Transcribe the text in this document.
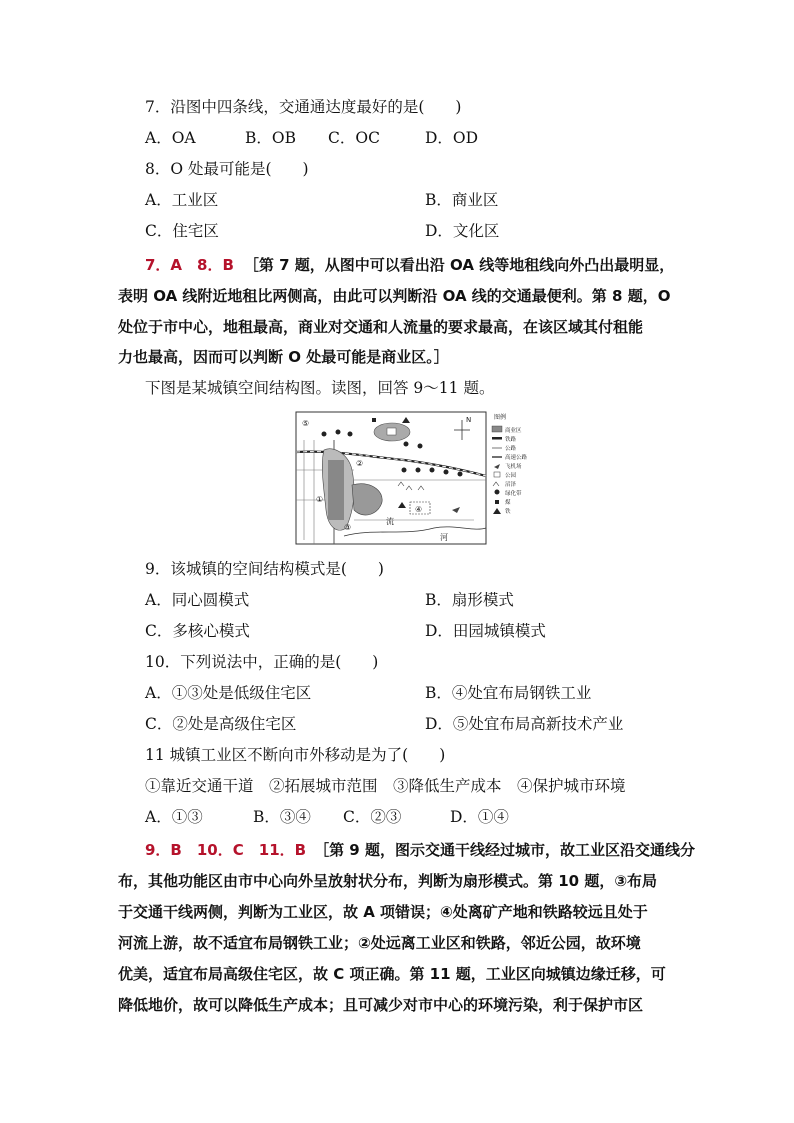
7．沿图中四条线，交通通达度最好的是(　　)
A．OA	B．OB C．OC	D．OD
8．O 处最可能是(　　)
A．工业区	B．商业区
C．住宅区	D．文化区
7．A　8．B ［第 7 题，从图中可以看出沿 OA 线等地租线向外凸出最明显，
表明 OA 线附近地租比两侧高，由此可以判断沿 OA 线的交通最便利。第 8 题，O
处位于市中心，地租最高，商业对交通和人流量的要求最高，在该区域其付租能
力也最高，因而可以判断 O 处最可能是商业区。］
下图是某城镇空间结构图。读图，回答 9～11 题。
N
流
河
①
②
③
④
⑤
图例
商业区
铁路
公路
高速公路
飞机场
公园
沼泽
绿化带
煤
铁
9．该城镇的空间结构模式是(　　)
A．同心圆模式	B．扇形模式
C．多核心模式	D．田园城镇模式
10．下列说法中，正确的是(　　)
A．①③处是低级住宅区	B．④处宜布局钢铁工业
C．②处是高级住宅区	D．⑤处宜布局高新技术产业
11 城镇工业区不断向市外移动是为了(　　)
①靠近交通干道　②拓展城市范围　③降低生产成本　④保护城市环境
A．①③	B．③④ C．②③	D．①④
9．B　10．C　11．B ［第 9 题，图示交通干线经过城市，故工业区沿交通线分
布，其他功能区由市中心向外呈放射状分布，判断为扇形模式。第 10 题，③布局
于交通干线两侧，判断为工业区，故 A 项错误；④处离矿产地和铁路较远且处于
河流上游，故不适宜布局钢铁工业；②处远离工业区和铁路，邻近公园，故环境
优美，适宜布局高级住宅区，故 C 项正确。第 11 题，工业区向城镇边缘迁移，可
降低地价，故可以降低生产成本；且可减少对市中心的环境污染，利于保护市区
